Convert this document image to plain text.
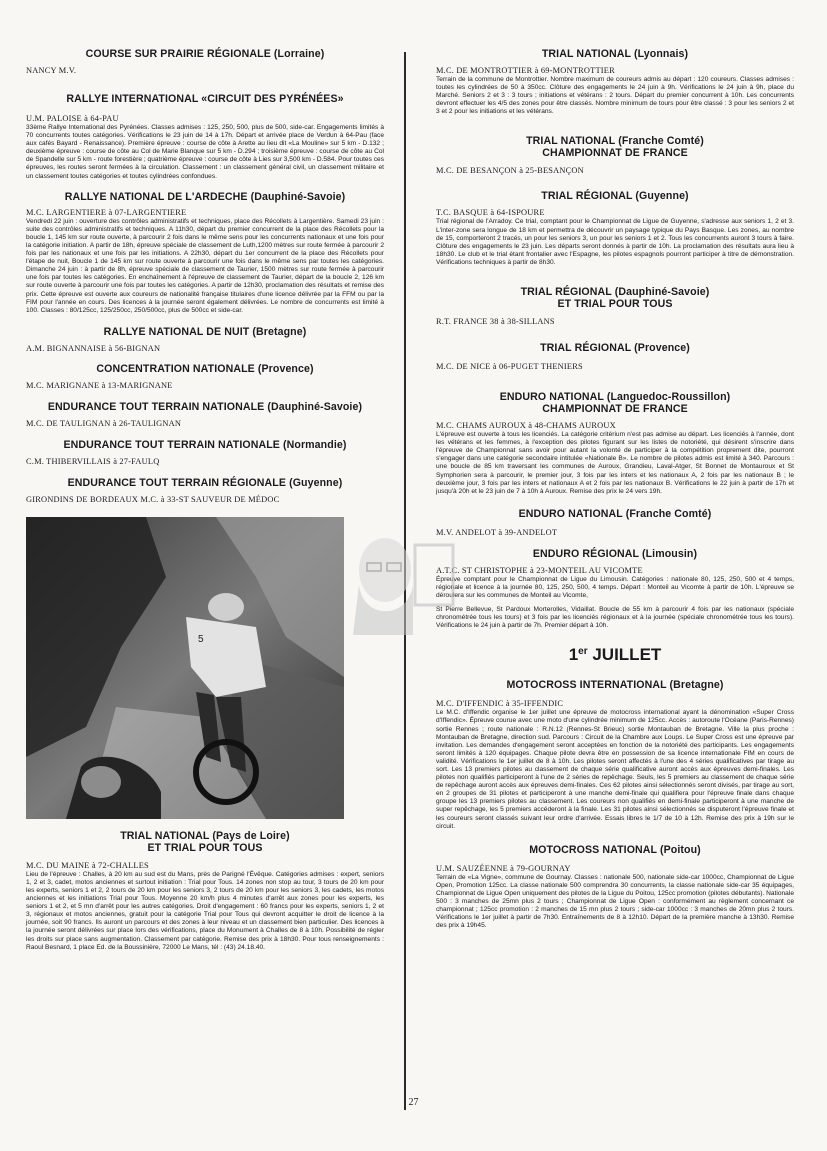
COURSE SUR PRAIRIE RÉGIONALE (Lorraine)

NANCY M.V.

RALLYE INTERNATIONAL «CIRCUIT DES PYRÉNÉES»

U.M. PALOISE à 64-PAU

33ème Rallye International des Pyrénées. Classes admises : 125, 250, 500, plus de 500, side-car. Engagements limités à 70 concurrents toutes catégories. Vérifications le 23 juin de 14 à 17h. Départ et arrivée place de Verdun à 64-Pau (face aux cafés Bayard - Renaissance). Première épreuve : course de côte à Arette au lieu dit «La Mouline» sur 5 km - D.132 ; deuxième épreuve : course de côte au Col de Marie Blanque sur 5 km - D.294 ; troisième épreuve : course de côte au Col de Spandelle sur 5 km - route forestière ; quatrième épreuve : course de côte à Lies sur 3,500 km - D.584. Pour toutes ces épreuves, les routes seront fermées à la circulation. Classement : un classement général civil, un classement militaire et un classement toutes catégories et toutes cylindrées confondues.

RALLYE NATIONAL DE L'ARDECHE (Dauphiné-Savoie)

M.C. LARGENTIERE à 07-LARGENTIERE

Vendredi 22 juin : ouverture des contrôles administratifs et techniques, place des Récollets à Largentière. Samedi 23 juin : suite des contrôles administratifs et techniques. A 11h30, départ du premier concurrent de la place des Récollets pour la boucle 1, 145 km sur route ouverte, à parcourir 2 fois dans le même sens pour les concurrents nationaux et une fois pour la catégorie initiation. A partir de 18h, épreuve spéciale de classement de Luth,1200 mètres sur route fermée à parcourir 2 fois par les nationaux et une fois par les initiations. A 22h30, départ du 1er concurrent de la place des Récollets pour l'étape de nuit, Boucle 1 de 145 km sur route ouverte à parcourir une fois dans le même sens par toutes les catégories. Dimanche 24 juin : à partir de 8h, épreuve spéciale de classement de Taurier, 1500 mètres sur route fermée à parcourir une fois par toutes les catégories. En enchaînement à l'épreuve de classement de Taurier, départ de la boucle 2, 126 km sur route ouverte à parcourir une fois par toutes les catégories. A partir de 12h30, proclamation des résultats et remise des prix. Cette épreuve est ouverte aux coureurs de nationalité française titulaires d'une licence délivrée par la FFM ou par la FIM pour l'année en cours. Des licences à la journée seront également délivrées. Le nombre de concurrents est limité à 100. Classes : 80/125cc, 125/250cc, 250/500cc, plus de 500cc et side-car.

RALLYE NATIONAL DE NUIT (Bretagne)

A.M. BIGNANNAISE à 56-BIGNAN

CONCENTRATION NATIONALE (Provence)

M.C. MARIGNANE à 13-MARIGNANE

ENDURANCE TOUT TERRAIN NATIONALE (Dauphiné-Savoie)

M.C. DE TAULIGNAN à 26-TAULIGNAN

ENDURANCE TOUT TERRAIN NATIONALE (Normandie)

C.M. THIBERVILLAIS à 27-FAULQ

ENDURANCE TOUT TERRAIN RÉGIONALE (Guyenne)

GIRONDINS DE BORDEAUX M.C. à 33-ST SAUVEUR DE MÉDOC

5

TRIAL NATIONAL (Pays de Loire)

ET TRIAL POUR TOUS

M.C. DU MAINE à 72-CHALLES

Lieu de l'épreuve : Challes, à 20 km au sud est du Mans, près de Parigné l'Évêque. Catégories admises : expert, seniors 1, 2 et 3, cadet, motos anciennes et surtout initiation : Trial pour Tous. 14 zones non stop au tour, 3 tours de 20 km pour les experts, seniors 1 et 2, 2 tours de 20 km pour les seniors 3, 2 tours de 20 km pour les seniors 3, les cadets, les motos anciennes et les initiations Trial pour Tous. Moyenne 20 km/h plus 4 minutes d'arrêt aux zones pour les experts, les seniors 1 et 2, et 5 mn d'arrêt pour les autres catégories. Droit d'engagement : 60 francs pour les experts, seniors 1, 2 et 3, régionaux et motos anciennes, gratuit pour la catégorie Trial pour Tous qui devront acquitter le droit de licence à la journée, soit 90 francs. Ils auront un parcours et des zones à leur niveau et un classement bien particulier. Des licences à la journée seront délivrées sur place lors des vérifications, place du Monument à Challes de 8 à 10h. Possibilité de régler les droits sur place sans augmentation. Classement par catégorie. Remise des prix à 18h30. Pour tous renseignements : Raoul Besnard, 1 place Ed. de la Boussinière, 72000 Le Mans, tél : (43) 24.18.40.

TRIAL NATIONAL (Lyonnais)

M.C. DE MONTROTTIER à 69-MONTROTTIER

Terrain de la commune de Montrottier. Nombre maximum de coureurs admis au départ : 120 coureurs. Classes admises : toutes les cylindrées de 50 à 350cc. Clôture des engagements le 24 juin à 9h. Vérifications le 24 juin à 9h, place du Marché. Seniors 2 et 3 : 3 tours ; initiations et vétérans : 2 tours. Départ du premier concurrent à 10h. Les concurrents devront effectuer les 4/5 des zones pour être classés. Nombre minimum de tours pour être classé : 3 pour les seniors 2 et 3 et 2 pour les initiations et les vétérans.

TRIAL NATIONAL (Franche Comté)

CHAMPIONNAT DE FRANCE

M.C. DE BESANÇON à 25-BESANÇON

TRIAL RÉGIONAL (Guyenne)

T.C. BASQUE à 64-ISPOURE

Trial régional de l'Arradoy. Ce trial, comptant pour le Championnat de Ligue de Guyenne, s'adresse aux seniors 1, 2 et 3. L'inter-zone sera longue de 18 km et permettra de découvrir un paysage typique du Pays Basque. Les zones, au nombre de 15, comporteront 2 tracés, un pour les seniors 3, un pour les seniors 1 et 2. Tous les concurrents auront 3 tours à faire. Clôture des engagements le 23 juin. Les départs seront donnés à partir de 10h. La proclamation des résultats aura lieu à 18h30. Le club et le trial étant frontalier avec l'Espagne, les pilotes espagnols pourront participer à titre de démonstration. Vérifications techniques à partir de 8h30.

TRIAL RÉGIONAL (Dauphiné-Savoie)

ET TRIAL POUR TOUS

R.T. FRANCE 38 à 38-SILLANS

TRIAL RÉGIONAL (Provence)

M.C. DE NICE à 06-PUGET THENIERS

ENDURO NATIONAL (Languedoc-Roussillon)

CHAMPIONNAT DE FRANCE

M.C. CHAMS AUROUX à 48-CHAMS AUROUX

L'épreuve est ouverte à tous les licenciés. La catégorie critérium n'est pas admise au départ. Les licenciés à l'année, dont les vétérans et les femmes, à l'exception des pilotes figurant sur les listes de notoriété, qui désirent s'inscrire dans l'épreuve de Championnat sans avoir pour autant la volonté de participer à la compétition proprement dite, pourront s'engager dans une catégorie secondaire intitulée «Nationale B». Le nombre de pilotes admis est limité à 340. Parcours : une boucle de 85 km traversant les communes de Auroux, Grandieu, Laval-Atger, St Bonnet de Montauroux et St Symphorien sera à parcourir, le premier jour, 3 fois par les inters et les nationaux A, 2 fois par les nationaux B ; le deuxième jour, 3 fois par les inters et nationaux A et 2 fois par les nationaux B. Vérifications le 22 juin à partir de 17h et jusqu'à 20h et le 23 juin de 7 à 10h à Auroux. Remise des prix le 24 vers 19h.

ENDURO NATIONAL (Franche Comté)

M.V. ANDELOT à 39-ANDELOT

ENDURO RÉGIONAL (Limousin)

A.T.C. ST CHRISTOPHE à 23-MONTEIL AU VICOMTE

Épreuve comptant pour le Championnat de Ligue du Limousin. Catégories : nationale 80, 125, 250, 500 et 4 temps, régionale et licence à la journée 80, 125, 250, 500, 4 temps. Départ : Monteil au Vicomte à partir de 10h. L'épreuve se déroulera sur les communes de Monteil au Vicomte,

St Pierre Bellevue, St Pardoux Morterolles, Vidaillat. Boucle de 55 km à parcourir 4 fois par les nationaux (spéciale chronométrée tous les tours) et 3 fois par les licenciés régionaux et à la journée (spéciale chronométrée tous les tours). Vérifications le 24 juin à partir de 7h. Premier départ à 10h.

1er JUILLET

MOTOCROSS INTERNATIONAL (Bretagne)

M.C. D'IFFENDIC à 35-IFFENDIC

Le M.C. d'Iffendic organise le 1er juillet une épreuve de motocross international ayant la dénomination «Super Cross d'Iffendic». Épreuve courue avec une moto d'une cylindrée minimum de 125cc. Accès : autoroute l'Océane (Paris-Rennes) sortie Rennes ; route nationale : R.N.12 (Rennes-St Brieuc) sortie Montauban de Bretagne. Ville la plus proche : Montauban de Bretagne, direction sud. Parcours : Circuit de la Chambre aux Loups. Le Super Cross est une épreuve par invitation. Les demandes d'engagement seront acceptées en fonction de la notoriété des participants. Les engagements seront limités à 120 équipages. Chaque pilote devra être en possession de sa licence internationale FIM en cours de validité. Vérifications le 1er juillet de 8 à 10h. Les pilotes seront affectés à l'une des 4 séries qualificatives par tirage au sort. Les 13 premiers pilotes au classement de chaque série qualificative auront accès aux épreuves demi-finales. Les pilotes non qualifiés participeront à l'une de 2 séries de repêchage. Seuls, les 5 premiers au classement de chaque série de repêchage auront accès aux épreuves demi-finales. Ces 62 pilotes ainsi sélectionnés seront divisés, par tirage au sort, en 2 groupes de 31 pilotes et participeront à une manche demi-finale qui qualifiera pour l'épreuve finale dans chaque groupe les 13 premiers pilotes au classement. Les coureurs non qualifiés en demi-finale participeront à une manche de super repêchage, les 5 premiers accéderont à la finale. Les 31 pilotes ainsi sélectionnés se disputeront l'épreuve finale et les coureurs seront classés suivant leur ordre d'arrivée. Essais libres le 1/7 de 10 à 12h. Remise des prix à 19h sur le circuit.

MOTOCROSS NATIONAL (Poitou)

U.M. SAUZÉENNE à 79-GOURNAY

Terrain de «La Vigne», commune de Gournay. Classes : nationale 500, nationale side-car 1000cc, Championnat de Ligue Open, Promotion 125cc. La classe nationale 500 comprendra 30 concurrents, la classe nationale side-car 35 équipages, Championnat de Ligue Open uniquement des pilotes de la Ligue du Poitou, 125cc promotion (pilotes débutants). Nationale 500 : 3 manches de 25mn plus 2 tours ; Championnat de Ligue Open : conformément au règlement concernant ce championnat ; 125cc promotion : 2 manches de 15 mn plus 2 tours ; side-car 1000cc : 3 manches de 20mn plus 2 tours. Vérifications le 1er juillet à partir de 7h30. Entraînements de 8 à 12h10. Départ de la première manche à 13h30. Remise des prix à 19h45.

27
